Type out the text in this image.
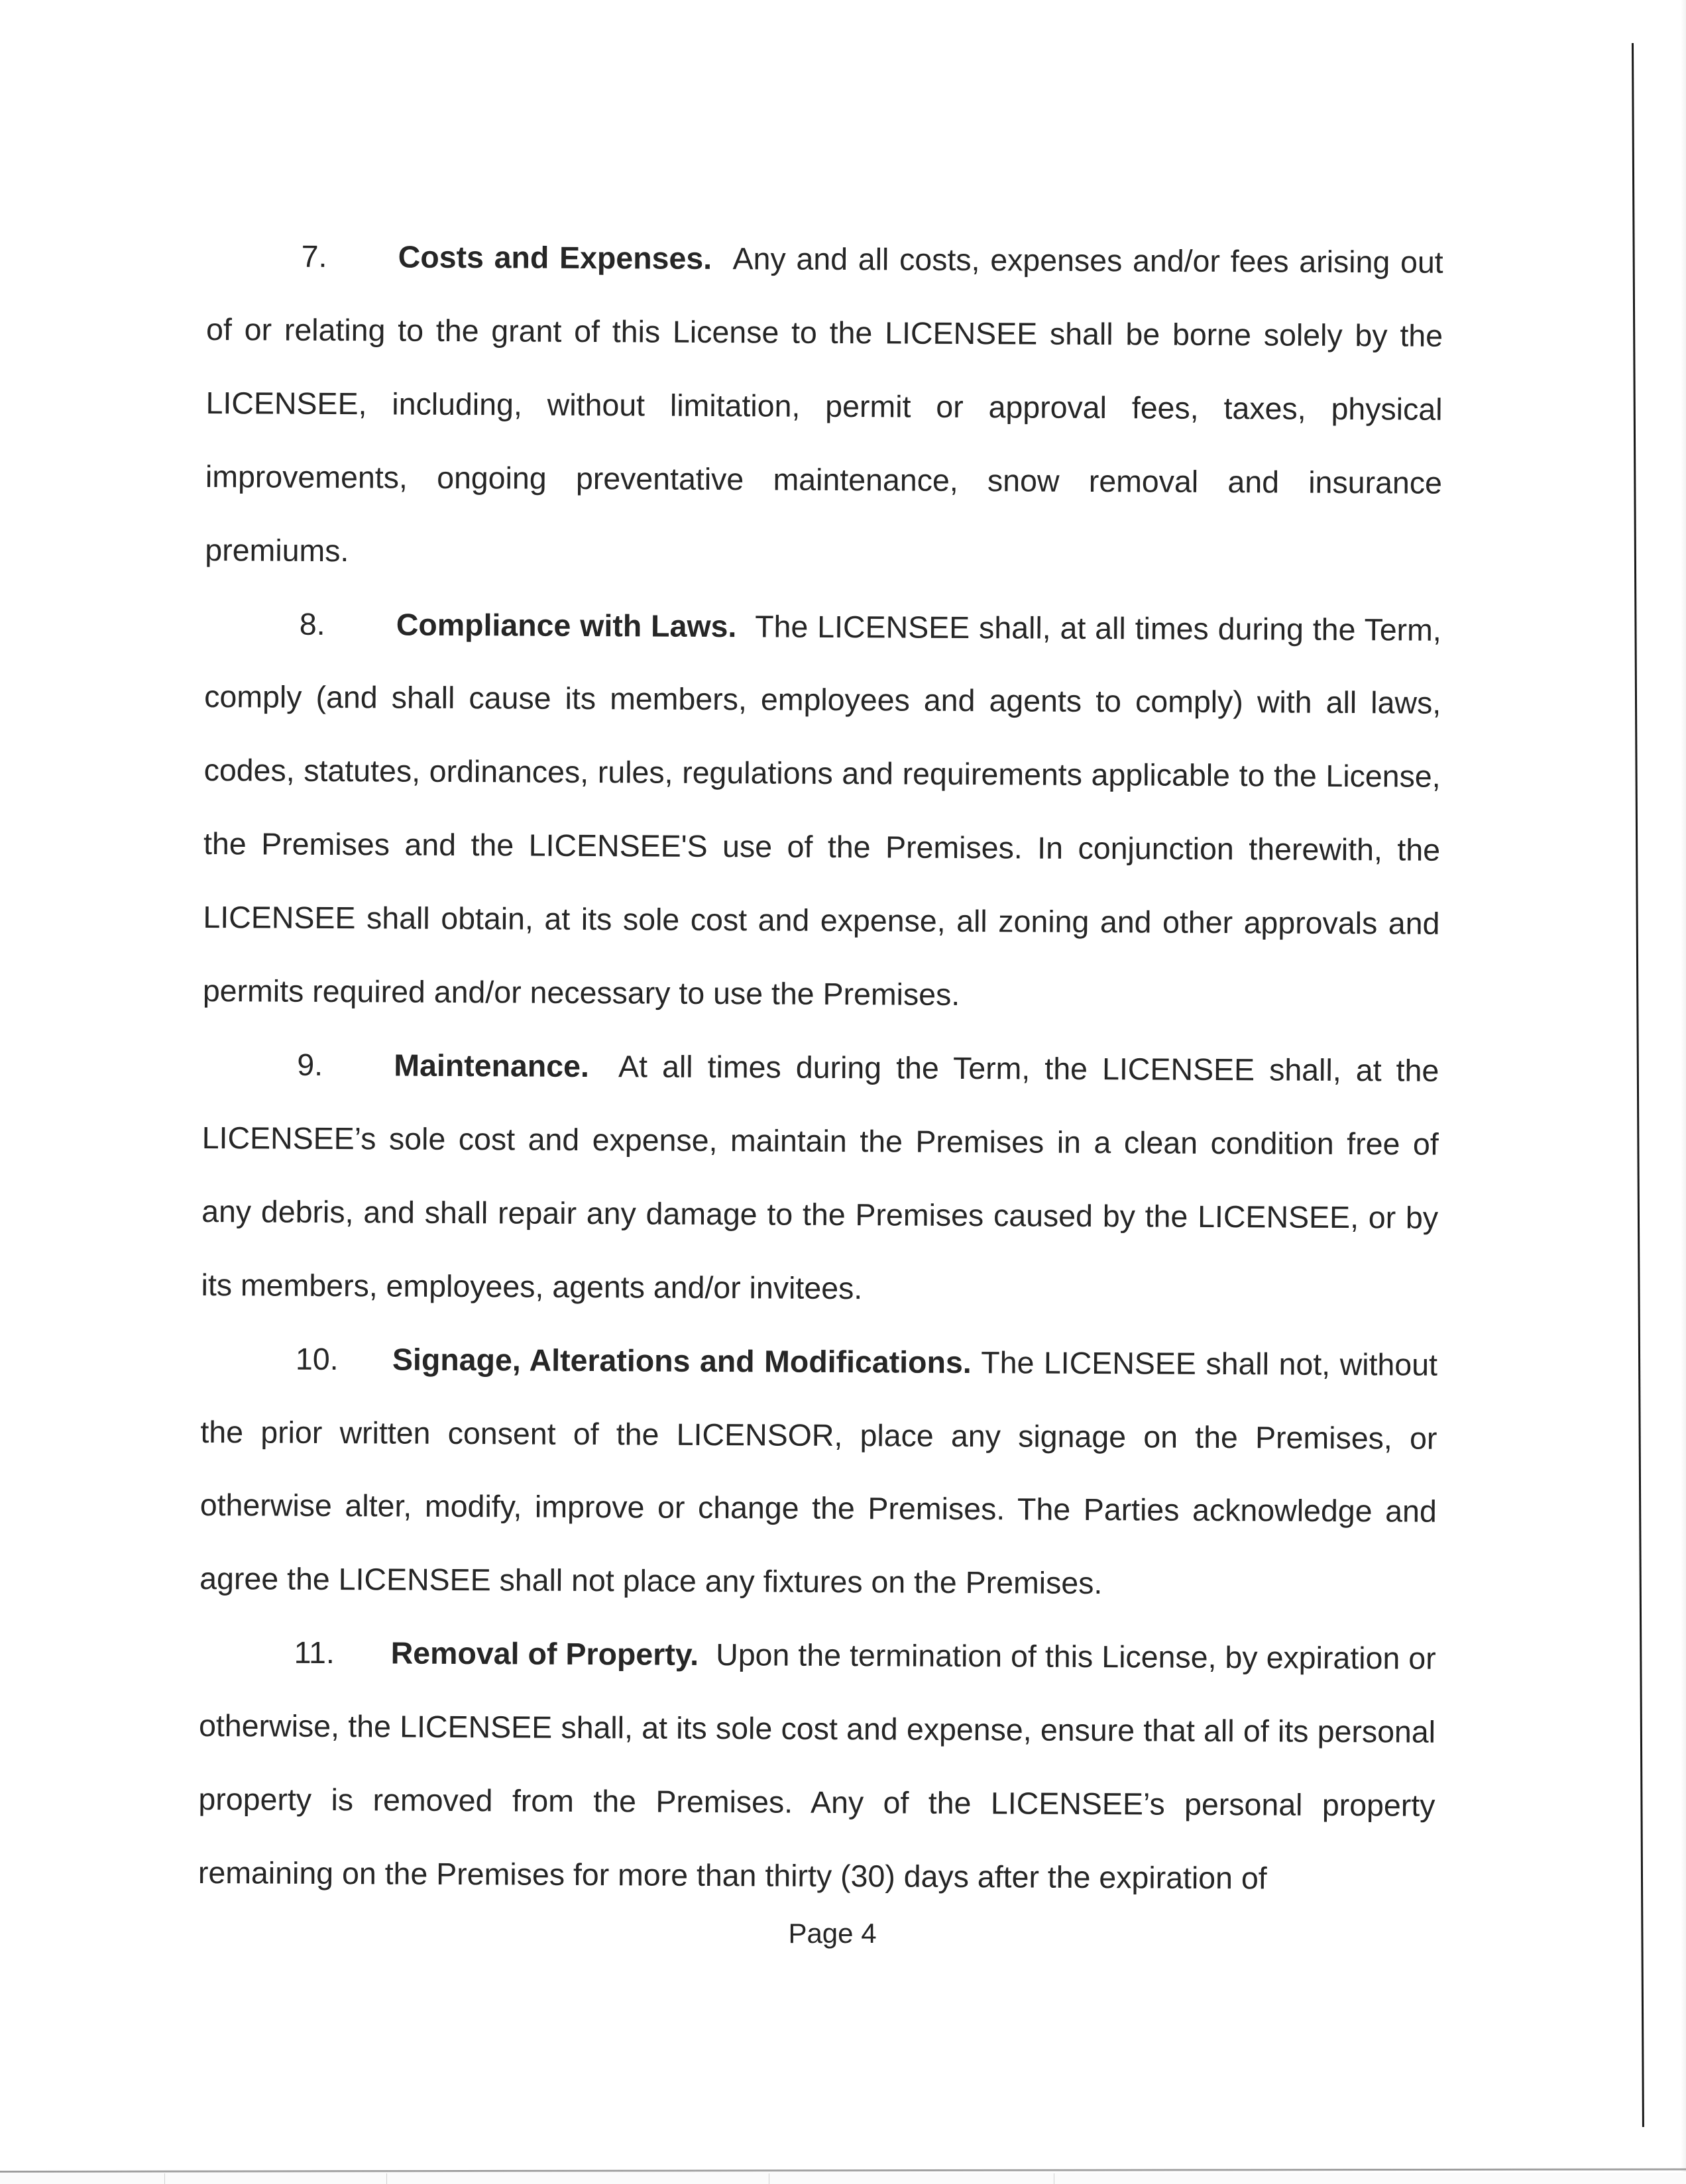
7. Costs and Expenses. Any and all costs, expenses and/or fees arising out of or relating to the grant of this License to the LICENSEE shall be borne solely by the LICENSEE, including, without limitation, permit or approval fees, taxes, physical improvements, ongoing preventative maintenance, snow removal and insurance premiums.

8. Compliance with Laws. The LICENSEE shall, at all times during the Term, comply (and shall cause its members, employees and agents to comply) with all laws, codes, statutes, ordinances, rules, regulations and requirements applicable to the License, the Premises and the LICENSEE'S use of the Premises. In conjunction therewith, the LICENSEE shall obtain, at its sole cost and expense, all zoning and other approvals and permits required and/or necessary to use the Premises.

9. Maintenance. At all times during the Term, the LICENSEE shall, at the LICENSEE’s sole cost and expense, maintain the Premises in a clean condition free of any debris, and shall repair any damage to the Premises caused by the LICENSEE, or by its members, employees, agents and/or invitees.

10. Signage, Alterations and Modifications. The LICENSEE shall not, without the prior written consent of the LICENSOR, place any signage on the Premises, or otherwise alter, modify, improve or change the Premises. The Parties acknowledge and agree the LICENSEE shall not place any fixtures on the Premises.

11. Removal of Property. Upon the termination of this License, by expiration or otherwise, the LICENSEE shall, at its sole cost and expense, ensure that all of its personal property is removed from the Premises. Any of the LICENSEE’s personal property remaining on the Premises for more than thirty (30) days after the expiration of

Page 4
